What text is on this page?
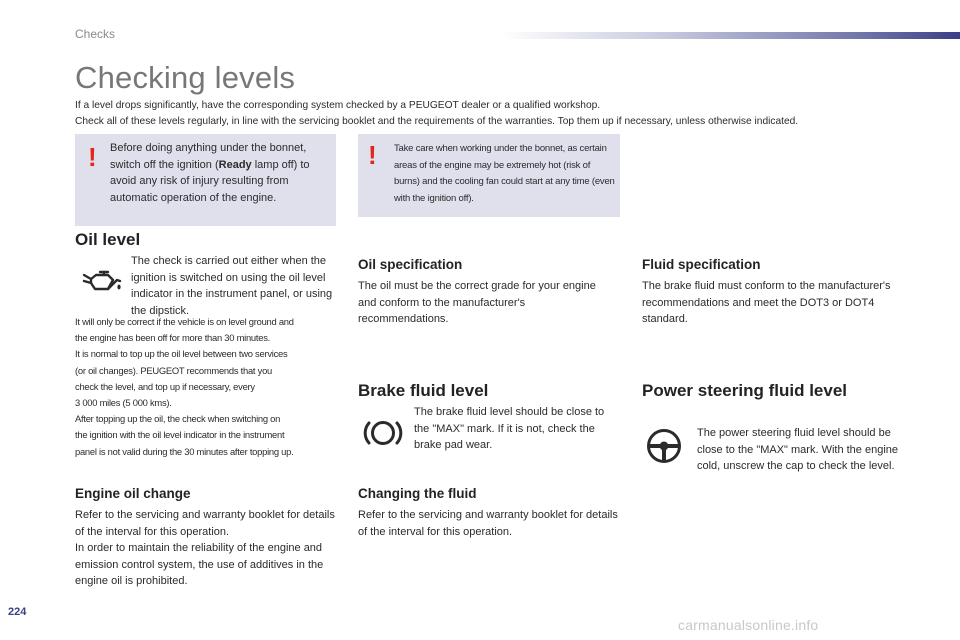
Checks
Checking levels
If a level drops significantly, have the corresponding system checked by a PEUGEOT dealer or a qualified workshop.
Check all of these levels regularly, in line with the servicing booklet and the requirements of the warranties. Top them up if necessary, unless otherwise indicated.
! Before doing anything under the bonnet, switch off the ignition (Ready lamp off) to avoid any risk of injury resulting from automatic operation of the engine.
! Take care when working under the bonnet, as certain areas of the engine may be extremely hot (risk of burns) and the cooling fan could start at any time (even with the ignition off).
Oil level
The check is carried out either when the ignition is switched on using the oil level indicator in the instrument panel, or using the dipstick.
It will only be correct if the vehicle is on level ground and
the engine has been off for more than 30 minutes.
It is normal to top up the oil level between two services
(or oil changes). PEUGEOT recommends that you
check the level, and top up if necessary, every
3 000 miles (5 000 kms).
After topping up the oil, the check when switching on
the ignition with the oil level indicator in the instrument
panel is not valid during the 30 minutes after topping up.
Engine oil change
Refer to the servicing and warranty booklet for details of the interval for this operation.
In order to maintain the reliability of the engine and emission control system, the use of additives in the engine oil is prohibited.
Oil specification
The oil must be the correct grade for your engine and conform to the manufacturer's recommendations.
Brake fluid level
The brake fluid level should be close to the "MAX" mark. If it is not, check the brake pad wear.
Changing the fluid
Refer to the servicing and warranty booklet for details of the interval for this operation.
Fluid specification
The brake fluid must conform to the manufacturer's recommendations and meet the DOT3 or DOT4 standard.
Power steering fluid level
The power steering fluid level should be close to the "MAX" mark. With the engine cold, unscrew the cap to check the level.
224
carmanualsonline.info
